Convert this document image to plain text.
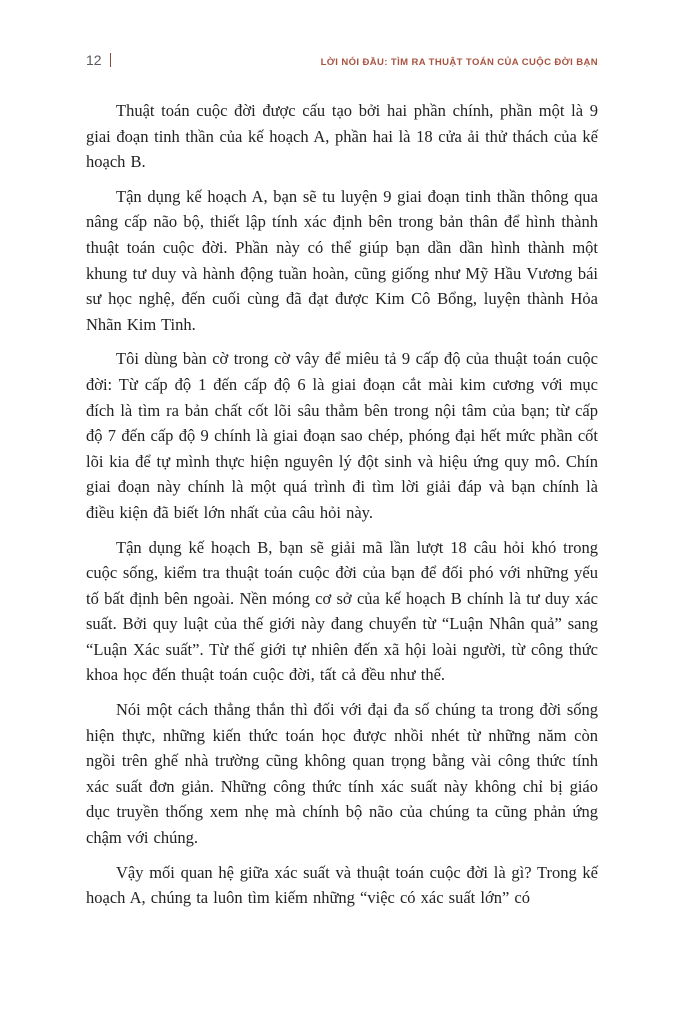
12	LỜI NÓI ĐẦU: TÌM RA THUẬT TOÁN CỦA CUỘC ĐỜI BẠN

Thuật toán cuộc đời được cấu tạo bởi hai phần chính, phần một là 9 giai đoạn tinh thần của kế hoạch A, phần hai là 18 cửa ải thử thách của kế hoạch B.

Tận dụng kế hoạch A, bạn sẽ tu luyện 9 giai đoạn tinh thần thông qua nâng cấp não bộ, thiết lập tính xác định bên trong bản thân để hình thành thuật toán cuộc đời. Phần này có thể giúp bạn dần dần hình thành một khung tư duy và hành động tuần hoàn, cũng giống như Mỹ Hầu Vương bái sư học nghệ, đến cuối cùng đã đạt được Kim Cô Bổng, luyện thành Hỏa Nhãn Kim Tinh.

Tôi dùng bàn cờ trong cờ vây để miêu tả 9 cấp độ của thuật toán cuộc đời: Từ cấp độ 1 đến cấp độ 6 là giai đoạn cắt mài kim cương với mục đích là tìm ra bản chất cốt lõi sâu thẳm bên trong nội tâm của bạn; từ cấp độ 7 đến cấp độ 9 chính là giai đoạn sao chép, phóng đại hết mức phần cốt lõi kia để tự mình thực hiện nguyên lý đột sinh và hiệu ứng quy mô. Chín giai đoạn này chính là một quá trình đi tìm lời giải đáp và bạn chính là điều kiện đã biết lớn nhất của câu hỏi này.

Tận dụng kế hoạch B, bạn sẽ giải mã lần lượt 18 câu hỏi khó trong cuộc sống, kiểm tra thuật toán cuộc đời của bạn để đối phó với những yếu tố bất định bên ngoài. Nền móng cơ sở của kế hoạch B chính là tư duy xác suất. Bởi quy luật của thế giới này đang chuyển từ “Luận Nhân quả” sang “Luận Xác suất”. Từ thế giới tự nhiên đến xã hội loài người, từ công thức khoa học đến thuật toán cuộc đời, tất cả đều như thế.

Nói một cách thẳng thắn thì đối với đại đa số chúng ta trong đời sống hiện thực, những kiến thức toán học được nhồi nhét từ những năm còn ngồi trên ghế nhà trường cũng không quan trọng bằng vài công thức tính xác suất đơn giản. Những công thức tính xác suất này không chỉ bị giáo dục truyền thống xem nhẹ mà chính bộ não của chúng ta cũng phản ứng chậm với chúng.

Vậy mối quan hệ giữa xác suất và thuật toán cuộc đời là gì? Trong kế hoạch A, chúng ta luôn tìm kiếm những “việc có xác suất lớn” có
